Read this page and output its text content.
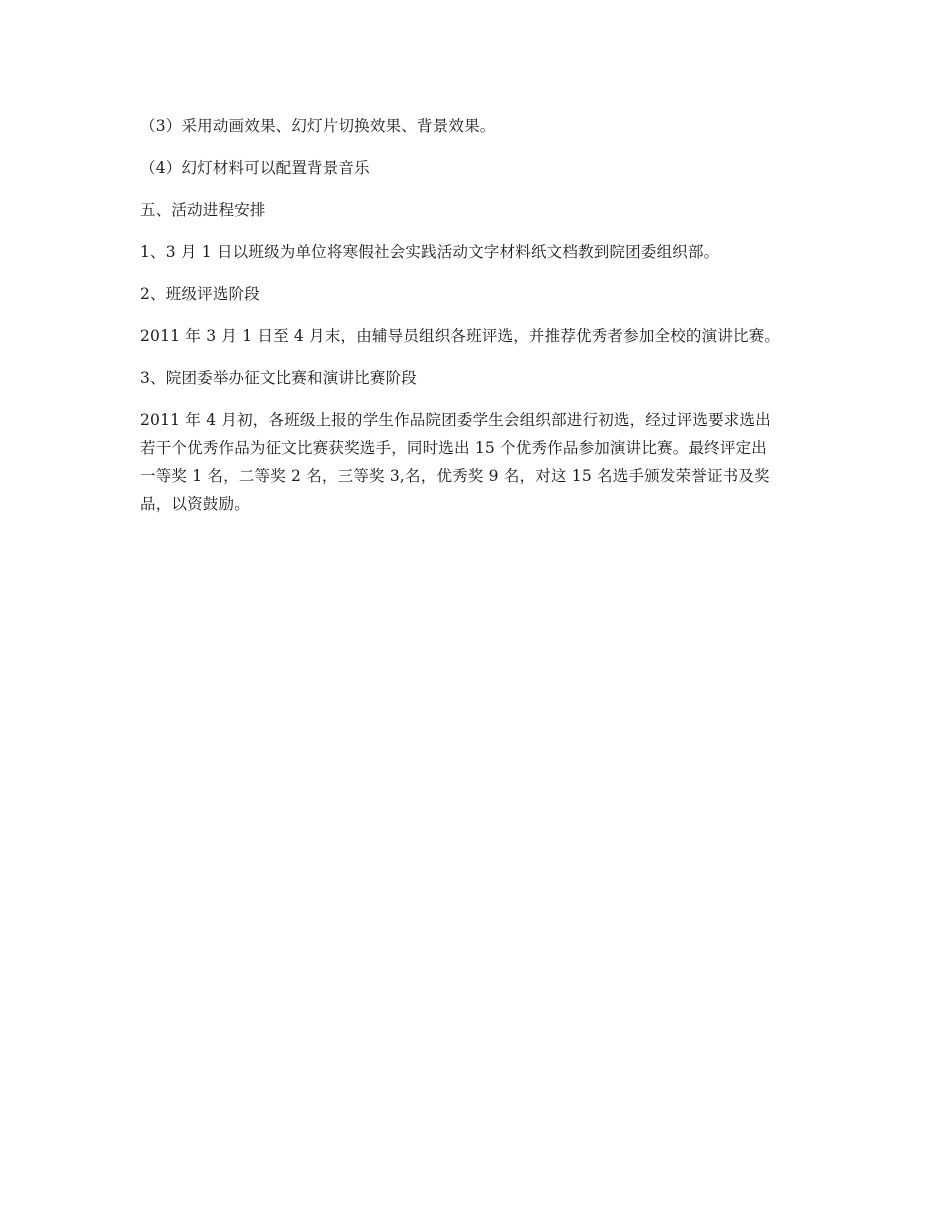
（3）采用动画效果、幻灯片切换效果、背景效果。

（4）幻灯材料可以配置背景音乐

五、活动进程安排

1、3 月 1 日以班级为单位将寒假社会实践活动文字材料纸文档教到院团委组织部。

2、班级评选阶段

2011 年 3 月 1 日至 4 月末，由辅导员组织各班评选，并推荐优秀者参加全校的演讲比赛。

3、院团委举办征文比赛和演讲比赛阶段

2011 年 4 月初，各班级上报的学生作品院团委学生会组织部进行初选，经过评选要求选出
若干个优秀作品为征文比赛获奖选手，同时选出 15 个优秀作品参加演讲比赛。最终评定出
一等奖 1 名，二等奖 2 名，三等奖 3,名，优秀奖 9 名，对这 15 名选手颁发荣誉证书及奖
品，以资鼓励。
